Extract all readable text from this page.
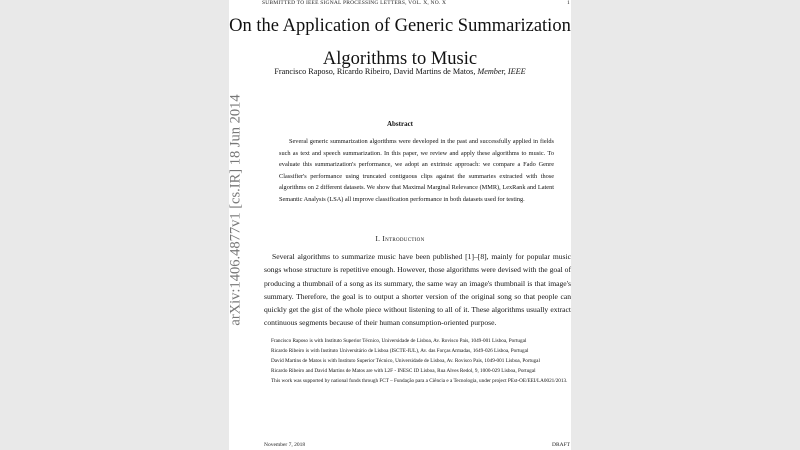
SUBMITTED TO IEEE SIGNAL PROCESSING LETTERS, VOL. X, NO. X	1
On the Application of Generic Summarization
Algorithms to Music
Francisco Raposo, Ricardo Ribeiro, David Martins de Matos, Member, IEEE
Abstract
Several generic summarization algorithms were developed in the past and successfully applied in fields such as text and speech summarization. In this paper, we review and apply these algorithms to music. To evaluate this summarization's performance, we adopt an extrinsic approach: we compare a Fado Genre Classifier's performance using truncated contiguous clips against the summaries extracted with those algorithms on 2 different datasets. We show that Maximal Marginal Relevance (MMR), LexRank and Latent Semantic Analysis (LSA) all improve classification performance in both datasets used for testing.
I. Introduction
Several algorithms to summarize music have been published [1]–[8], mainly for popular music songs whose structure is repetitive enough. However, those algorithms were devised with the goal of producing a thumbnail of a song as its summary, the same way an image's thumbnail is that image's summary. Therefore, the goal is to output a shorter version of the original song so that people can quickly get the gist of the whole piece without listening to all of it. These algorithms usually extract continuous segments because of their human consumption-oriented purpose.

Francisco Raposo is with Instituto Superior Técnico, Universidade de Lisboa, Av. Rovisco Pais, 1049-001 Lisboa, Portugal

Ricardo Ribeiro is with Instituto Universitário de Lisboa (ISCTE-IUL), Av. das Forças Armadas, 1649-026 Lisboa, Portugal

David Martins de Matos is with Instituto Superior Técnico, Universidade de Lisboa, Av. Rovisco Pais, 1049-001 Lisboa, Portugal

Ricardo Ribeiro and David Martins de Matos are with L2F - INESC ID Lisboa, Rua Alves Redol, 9, 1000-029 Lisboa, Portugal

This work was supported by national funds through FCT – Fundação para a Ciência e a Tecnologia, under project PEst-OE/EEI/LA0021/2013.

November 7, 2018	DRAFT
arXiv:1406.4877v1 [cs.IR] 18 Jun 2014
